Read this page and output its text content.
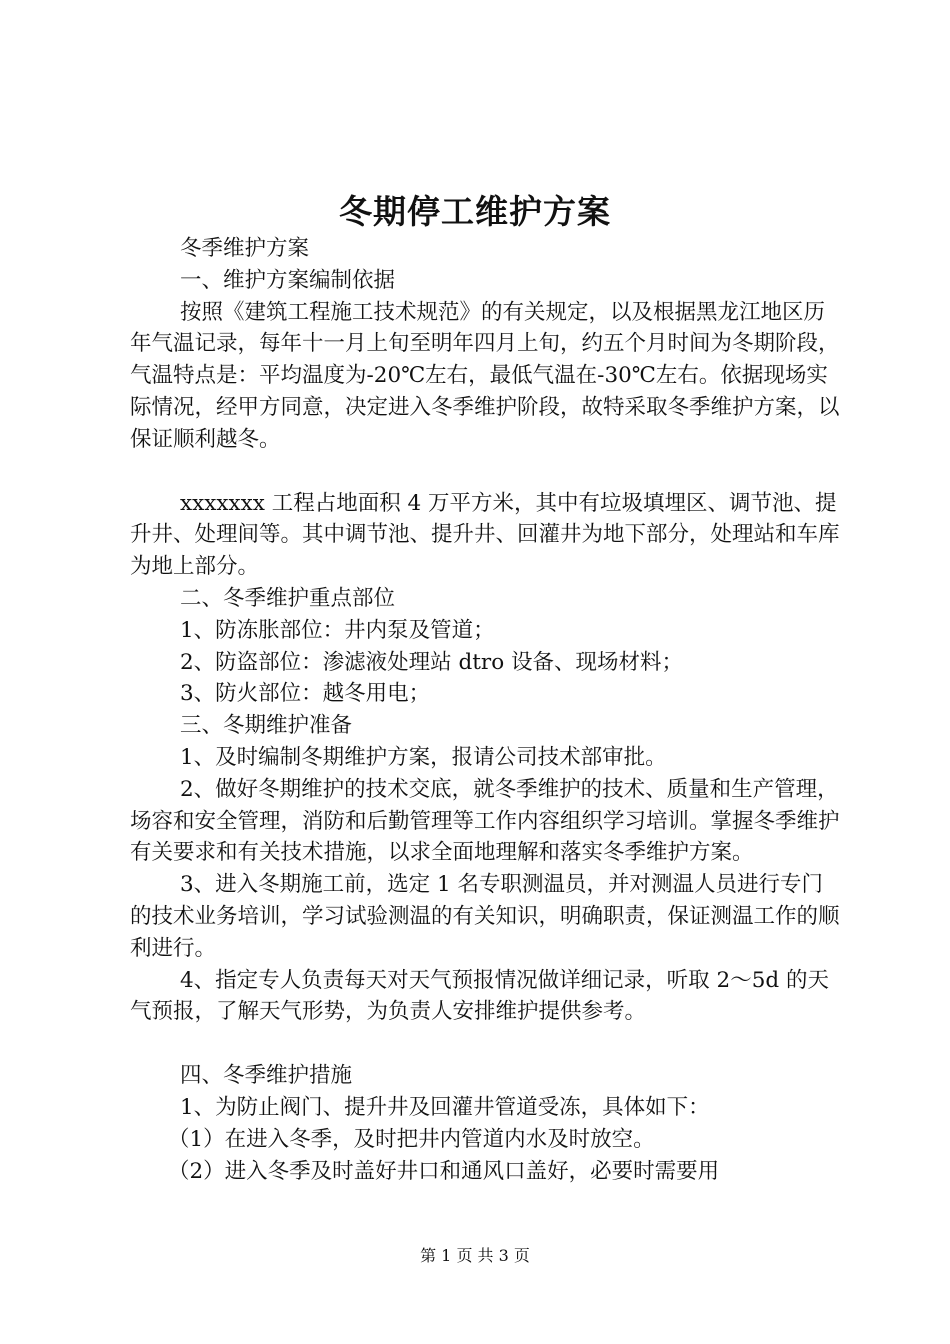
冬期停工维护方案

冬季维护方案

一、维护方案编制依据

按照《建筑工程施工技术规范》的有关规定，以及根据黑龙江地区历年气温记录，每年十一月上旬至明年四月上旬，约五个月时间为冬期阶段，气温特点是：平均温度为-20℃左右，最低气温在-30℃左右。依据现场实际情况，经甲方同意，决定进入冬季维护阶段，故特采取冬季维护方案，以保证顺利越冬。

xxxxxxx 工程占地面积 4 万平方米，其中有垃圾填埋区、调节池、提升井、处理间等。其中调节池、提升井、回灌井为地下部分，处理站和车库为地上部分。

二、冬季维护重点部位

1、防冻胀部位：井内泵及管道；

2、防盗部位：渗滤液处理站 dtro 设备、现场材料；

3、防火部位：越冬用电；

三、冬期维护准备

1、及时编制冬期维护方案，报请公司技术部审批。

2、做好冬期维护的技术交底，就冬季维护的技术、质量和生产管理，场容和安全管理，消防和后勤管理等工作内容组织学习培训。掌握冬季维护有关要求和有关技术措施，以求全面地理解和落实冬季维护方案。

3、进入冬期施工前，选定 1 名专职测温员，并对测温人员进行专门的技术业务培训，学习试验测温的有关知识，明确职责，保证测温工作的顺利进行。

4、指定专人负责每天对天气预报情况做详细记录，听取 2～5d 的天气预报，了解天气形势，为负责人安排维护提供参考。

四、冬季维护措施

1、为防止阀门、提升井及回灌井管道受冻，具体如下：

（1）在进入冬季，及时把井内管道内水及时放空。

（2）进入冬季及时盖好井口和通风口盖好，必要时需要用

第 1 页 共 3 页
